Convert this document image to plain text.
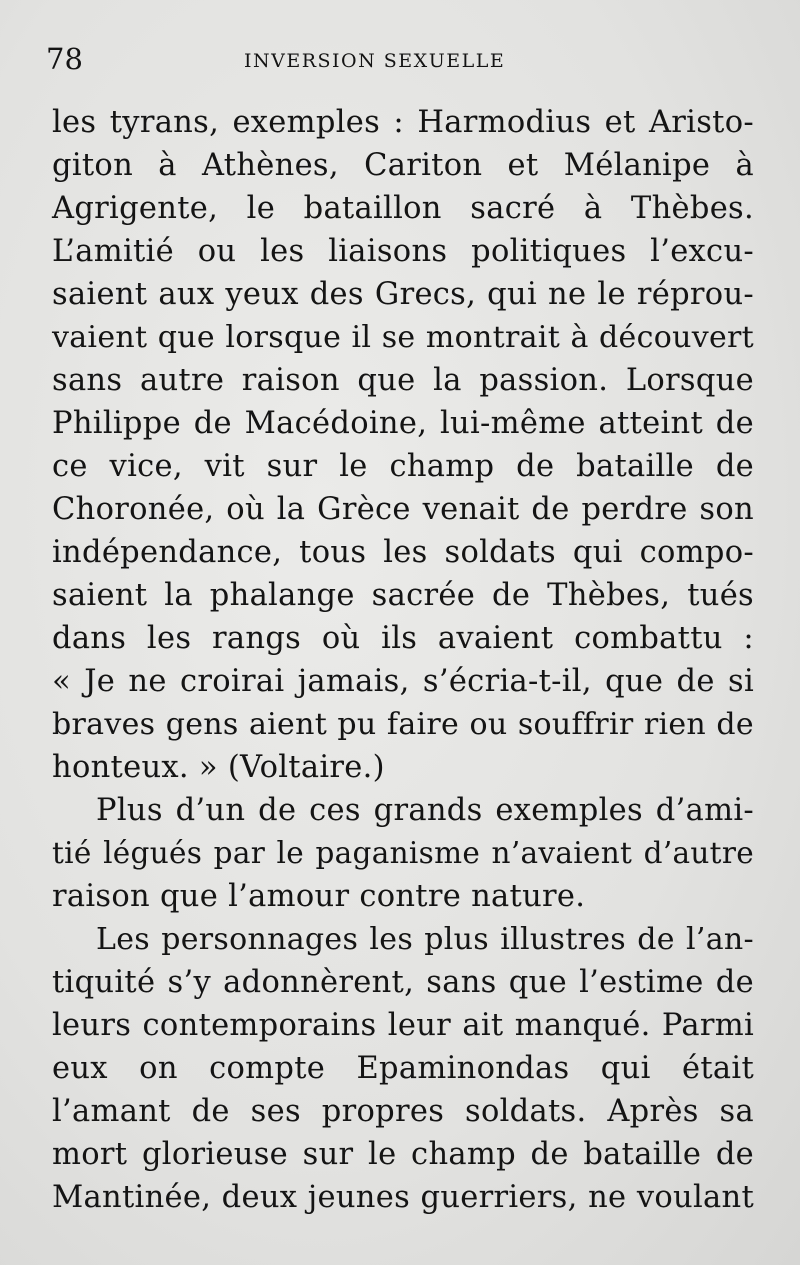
78	INVERSION SEXUELLE
les tyrans, exemples : Harmodius et Aristo-
giton à Athènes, Cariton et Mélanipe à
Agrigente, le bataillon sacré à Thèbes.
L’amitié ou les liaisons politiques l’excu-
saient aux yeux des Grecs, qui ne le réprou-
vaient que lorsque il se montrait à découvert
sans autre raison que la passion. Lorsque
Philippe de Macédoine, lui-même atteint de
ce vice, vit sur le champ de bataille de
Choronée, où la Grèce venait de perdre son
indépendance, tous les soldats qui compo-
saient la phalange sacrée de Thèbes, tués
dans les rangs où ils avaient combattu :
« Je ne croirai jamais, s’écria-t-il, que de si
braves gens aient pu faire ou souffrir rien de
honteux. » (Voltaire.)
Plus d’un de ces grands exemples d’ami-
tié légués par le paganisme n’avaient d’autre
raison que l’amour contre nature.
Les personnages les plus illustres de l’an-
tiquité s’y adonnèrent, sans que l’estime de
leurs contemporains leur ait manqué. Parmi
eux on compte Epaminondas qui était
l’amant de ses propres soldats. Après sa
mort glorieuse sur le champ de bataille de
Mantinée, deux jeunes guerriers, ne voulant
